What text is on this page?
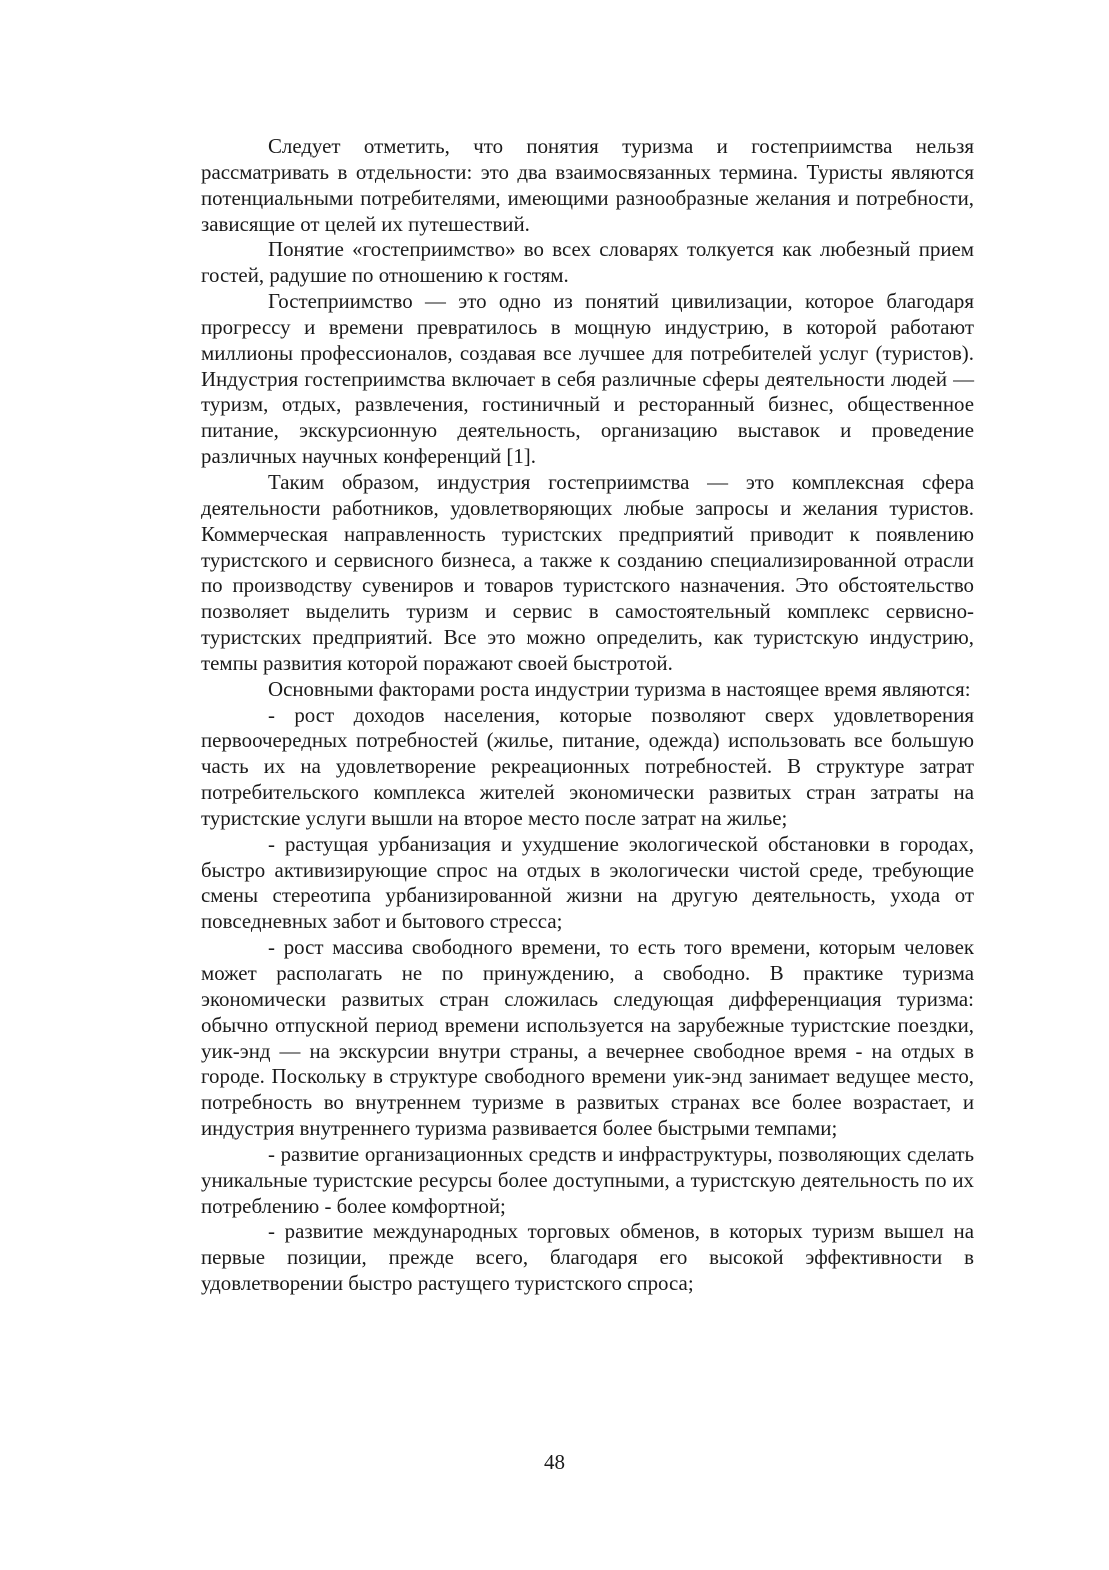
Следует отметить, что понятия туризма и гостеприимства нельзя рассматривать в отдельности: это два взаимосвязанных термина. Туристы являются потенциальными потребителями, имеющими разнообразные желания и потребности, зависящие от целей их путешествий.

Понятие «гостеприимство» во всех словарях толкуется как любезный прием гостей, радушие по отношению к гостям.

Гостеприимство — это одно из понятий цивилизации, которое благодаря прогрессу и времени превратилось в мощную индустрию, в которой работают миллионы профессионалов, создавая все лучшее для потребителей услуг (туристов). Индустрия гостеприимства включает в себя различные сферы деятельности людей — туризм, отдых, развлечения, гостиничный и ресторанный бизнес, общественное питание, экскурсионную деятельность, организацию выставок и проведение различных научных конференций [1].

Таким образом, индустрия гостеприимства — это комплексная сфера деятельности работников, удовлетворяющих любые запросы и желания туристов. Коммерческая направленность туристских предприятий приводит к появлению туристского и сервисного бизнеса, а также к созданию специализированной отрасли по производству сувениров и товаров туристского назначения. Это обстоятельство позволяет выделить туризм и сервис в самостоятельный комплекс сервисно-туристских предприятий. Все это можно определить, как туристскую индустрию, темпы развития которой поражают своей быстротой.

Основными факторами роста индустрии туризма в настоящее время являются:

- рост доходов населения, которые позволяют сверх удовлетворения первоочередных потребностей (жилье, питание, одежда) использовать все большую часть их на удовлетворение рекреационных потребностей. В структуре затрат потребительского комплекса жителей экономически развитых стран затраты на туристские услуги вышли на второе место после затрат на жилье;

- растущая урбанизация и ухудшение экологической обстановки в городах, быстро активизирующие спрос на отдых в экологически чистой среде, требующие смены стереотипа урбанизированной жизни на другую деятельность, ухода от повседневных забот и бытового стресса;

- рост массива свободного времени, то есть того времени, которым человек может располагать не по принуждению, а свободно. В практике туризма экономически развитых стран сложилась следующая дифференциация туризма: обычно отпускной период времени используется на зарубежные туристские поездки, уик-энд — на экскурсии внутри страны, а вечернее свободное время - на отдых в городе. Поскольку в структуре свободного времени уик-энд занимает ведущее место, потребность во внутреннем туризме в развитых странах все более возрастает, и индустрия внутреннего туризма развивается более быстрыми темпами;

- развитие организационных средств и инфраструктуры, позволяющих сделать уникальные туристские ресурсы более доступными, а туристскую деятельность по их потреблению - более комфортной;

- развитие международных торговых обменов, в которых туризм вышел на первые позиции, прежде всего, благодаря его высокой эффективности в удовлетворении быстро растущего туристского спроса;

48
